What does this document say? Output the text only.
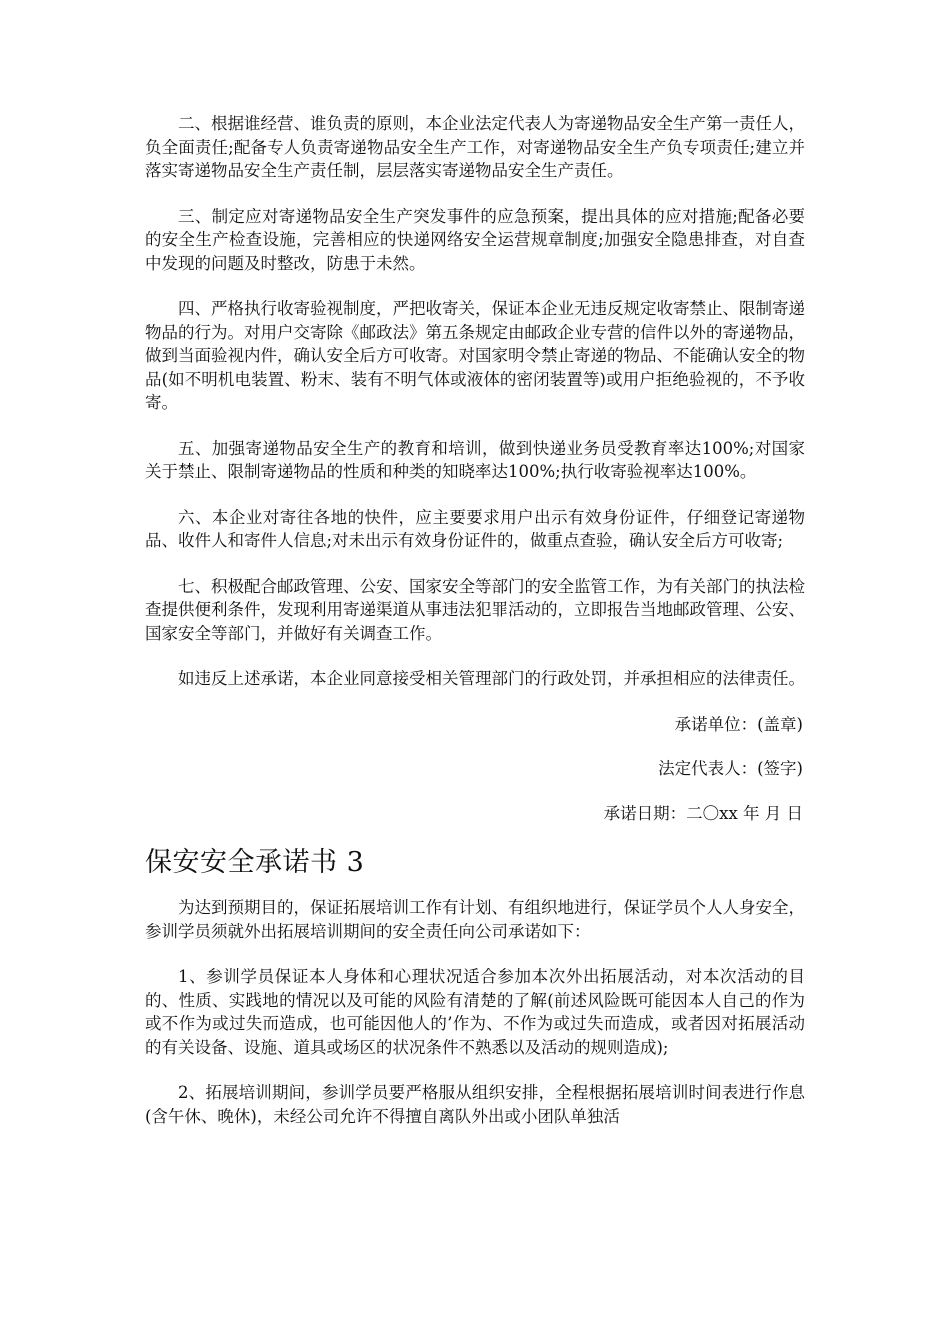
二、根据谁经营、谁负责的原则，本企业法定代表人为寄递物品安全生产第一责任人，负全面责任;配备专人负责寄递物品安全生产工作，对寄递物品安全生产负专项责任;建立并落实寄递物品安全生产责任制，层层落实寄递物品安全生产责任。

三、制定应对寄递物品安全生产突发事件的应急预案，提出具体的应对措施;配备必要的安全生产检查设施，完善相应的快递网络安全运营规章制度;加强安全隐患排查，对自查中发现的问题及时整改，防患于未然。

四、严格执行收寄验视制度，严把收寄关，保证本企业无违反规定收寄禁止、限制寄递物品的行为。对用户交寄除《邮政法》第五条规定由邮政企业专营的信件以外的寄递物品，做到当面验视内件，确认安全后方可收寄。对国家明令禁止寄递的物品、不能确认安全的物品(如不明机电装置、粉末、装有不明气体或液体的密闭装置等)或用户拒绝验视的，不予收寄。

五、加强寄递物品安全生产的教育和培训，做到快递业务员受教育率达100%;对国家关于禁止、限制寄递物品的性质和种类的知晓率达100%;执行收寄验视率达100%。

六、本企业对寄往各地的快件，应主要要求用户出示有效身份证件，仔细登记寄递物品、收件人和寄件人信息;对未出示有效身份证件的，做重点查验，确认安全后方可收寄;

七、积极配合邮政管理、公安、国家安全等部门的安全监管工作，为有关部门的执法检查提供便利条件，发现利用寄递渠道从事违法犯罪活动的，立即报告当地邮政管理、公安、国家安全等部门，并做好有关调查工作。

如违反上述承诺，本企业同意接受相关管理部门的行政处罚，并承担相应的法律责任。

承诺单位：(盖章)

法定代表人：(签字)

承诺日期：二〇xx 年 月 日

保安安全承诺书 3

为达到预期目的，保证拓展培训工作有计划、有组织地进行，保证学员个人人身安全，参训学员须就外出拓展培训期间的安全责任向公司承诺如下：

1、参训学员保证本人身体和心理状况适合参加本次外出拓展活动，对本次活动的目的、性质、实践地的情况以及可能的风险有清楚的了解(前述风险既可能因本人自己的作为或不作为或过失而造成，也可能因他人的’作为、不作为或过失而造成，或者因对拓展活动的有关设备、设施、道具或场区的状况条件不熟悉以及活动的规则造成);

2、拓展培训期间，参训学员要严格服从组织安排，全程根据拓展培训时间表进行作息(含午休、晚休)，未经公司允许不得擅自离队外出或小团队单独活
